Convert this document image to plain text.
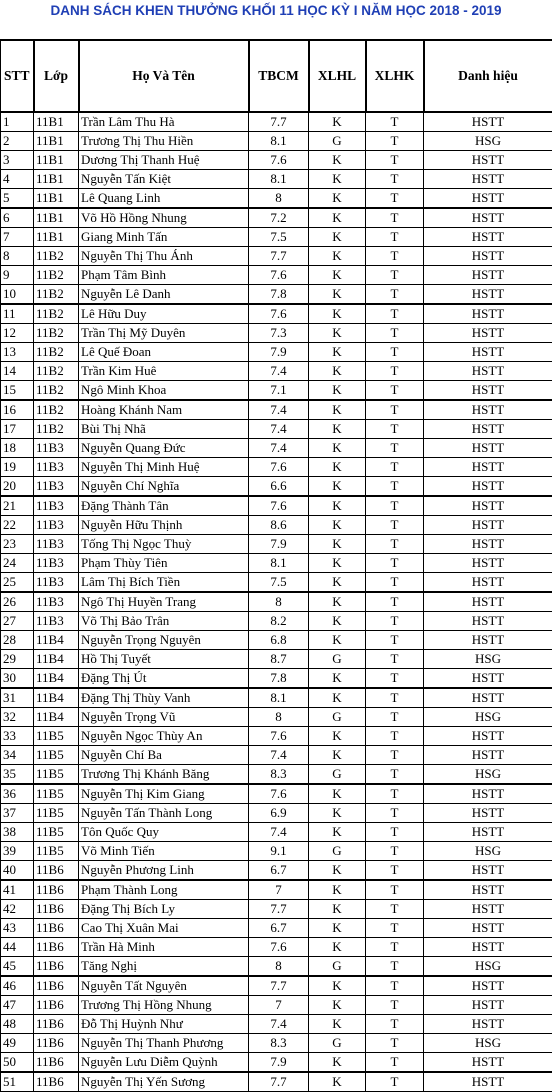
DANH SÁCH KHEN THƯỞNG KHỐI 11 HỌC KỲ I NĂM HỌC 2018 - 2019
STT	Lớp	Họ Và Tên	TBCM	XLHL	XLHK	Danh hiệu
1	11B1	Trần Lâm Thu Hà	7.7	K	T	HSTT
2	11B1	Trương Thị Thu Hiền	8.1	G	T	HSG
3	11B1	Dương Thị Thanh Huệ	7.6	K	T	HSTT
4	11B1	Nguyễn Tấn Kiệt	8.1	K	T	HSTT
5	11B1	Lê Quang Linh	8	K	T	HSTT
6	11B1	Võ Hồ Hồng Nhung	7.2	K	T	HSTT
7	11B1	Giang Minh Tấn	7.5	K	T	HSTT
8	11B2	Nguyễn Thị Thu Ánh	7.7	K	T	HSTT
9	11B2	Phạm Tâm Bình	7.6	K	T	HSTT
10	11B2	Nguyễn Lê Danh	7.8	K	T	HSTT
11	11B2	Lê Hữu Duy	7.6	K	T	HSTT
12	11B2	Trần Thị Mỹ Duyên	7.3	K	T	HSTT
13	11B2	Lê Quế Đoan	7.9	K	T	HSTT
14	11B2	Trần Kim Huê	7.4	K	T	HSTT
15	11B2	Ngô Minh Khoa	7.1	K	T	HSTT
16	11B2	Hoàng Khánh Nam	7.4	K	T	HSTT
17	11B2	Bùi Thị Nhã	7.4	K	T	HSTT
18	11B3	Nguyễn Quang Đức	7.4	K	T	HSTT
19	11B3	Nguyễn Thị Minh Huệ	7.6	K	T	HSTT
20	11B3	Nguyễn Chí Nghĩa	6.6	K	T	HSTT
21	11B3	Đặng Thành Tân	7.6	K	T	HSTT
22	11B3	Nguyễn Hữu Thịnh	8.6	K	T	HSTT
23	11B3	Tống Thị Ngọc Thuỳ	7.9	K	T	HSTT
24	11B3	Phạm Thùy Tiên	8.1	K	T	HSTT
25	11B3	Lâm Thị Bích Tiền	7.5	K	T	HSTT
26	11B3	Ngô Thị Huyền Trang	8	K	T	HSTT
27	11B3	Võ Thị Bảo Trân	8.2	K	T	HSTT
28	11B4	Nguyễn Trọng Nguyên	6.8	K	T	HSTT
29	11B4	Hồ Thị Tuyết	8.7	G	T	HSG
30	11B4	Đặng Thị Út	7.8	K	T	HSTT
31	11B4	Đặng Thị Thùy Vanh	8.1	K	T	HSTT
32	11B4	Nguyễn Trọng Vũ	8	G	T	HSG
33	11B5	Nguyễn Ngọc Thùy An	7.6	K	T	HSTT
34	11B5	Nguyễn Chí Ba	7.4	K	T	HSTT
35	11B5	Trương Thị Khánh Băng	8.3	G	T	HSG
36	11B5	Nguyễn Thị Kim Giang	7.6	K	T	HSTT
37	11B5	Nguyễn Tấn Thành Long	6.9	K	T	HSTT
38	11B5	Tôn Quốc Quy	7.4	K	T	HSTT
39	11B5	Võ Minh Tiến	9.1	G	T	HSG
40	11B6	Nguyễn Phương Linh	6.7	K	T	HSTT
41	11B6	Phạm Thành Long	7	K	T	HSTT
42	11B6	Đặng Thị Bích Ly	7.7	K	T	HSTT
43	11B6	Cao Thị Xuân Mai	6.7	K	T	HSTT
44	11B6	Trần Hà Minh	7.6	K	T	HSTT
45	11B6	Tăng Nghị	8	G	T	HSG
46	11B6	Nguyễn Tất Nguyên	7.7	K	T	HSTT
47	11B6	Trương Thị Hồng Nhung	7	K	T	HSTT
48	11B6	Đỗ Thị Huỳnh Như	7.4	K	T	HSTT
49	11B6	Nguyễn Thị Thanh Phương	8.3	G	T	HSG
50	11B6	Nguyễn Lưu Diễm Quỳnh	7.9	K	T	HSTT
51	11B6	Nguyễn Thị Yến Sương	7.7	K	T	HSTT
